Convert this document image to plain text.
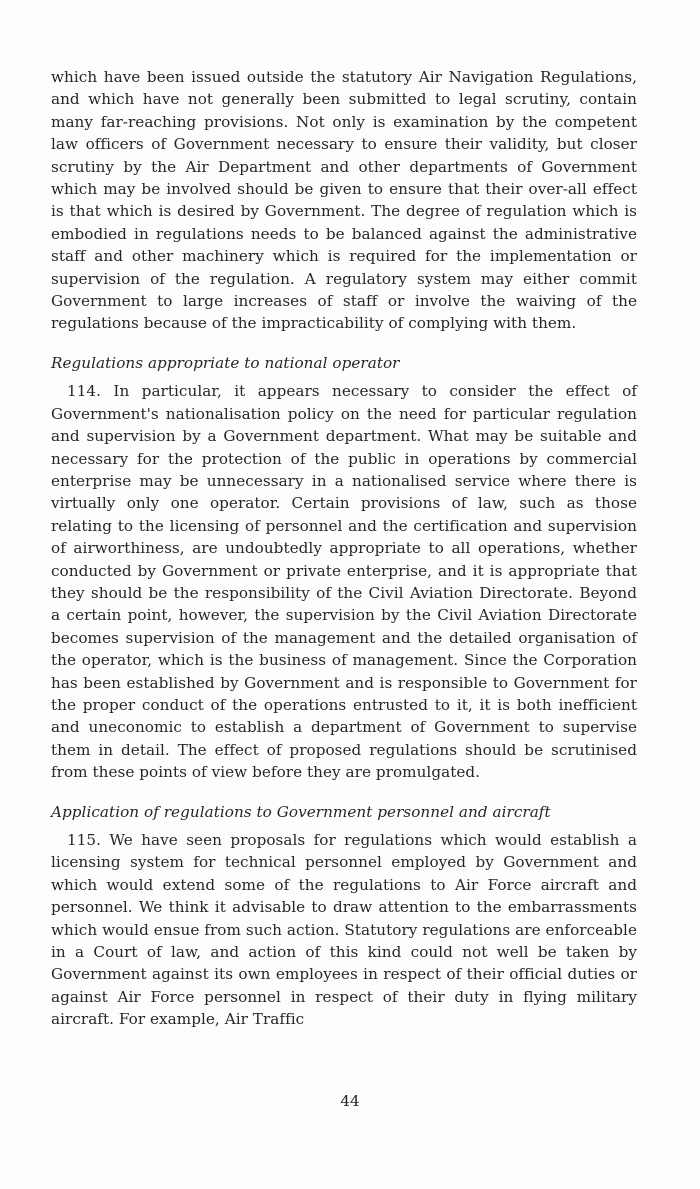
which have been issued outside the statutory Air Navigation Regulations, and which have not generally been submitted to legal scrutiny, contain many far-reaching provisions. Not only is examination by the competent law officers of Government necessary to ensure their validity, but closer scrutiny by the Air Department and other departments of Government which may be involved should be given to ensure that their over-all effect is that which is desired by Government. The degree of regulation which is embodied in regulations needs to be balanced against the administrative staff and other machinery which is required for the implementation or supervision of the regulation. A regulatory system may either commit Government to large increases of staff or involve the waiving of the regulations because of the impracticability of complying with them.

Regulations appropriate to national operator

114. In particular, it appears necessary to consider the effect of Government's nationalisation policy on the need for particular regulation and supervision by a Government department. What may be suitable and necessary for the protection of the public in operations by commercial enterprise may be unnecessary in a nationalised service where there is virtually only one operator. Certain provisions of law, such as those relating to the licensing of personnel and the certification and supervision of airworthiness, are undoubtedly appropriate to all operations, whether conducted by Government or private enterprise, and it is appropriate that they should be the responsibility of the Civil Aviation Directorate. Beyond a certain point, however, the supervision by the Civil Aviation Directorate becomes supervision of the management and the detailed organisation of the operator, which is the business of management. Since the Corporation has been established by Government and is responsible to Government for the proper conduct of the operations entrusted to it, it is both inefficient and uneconomic to establish a department of Government to supervise them in detail. The effect of proposed regulations should be scrutinised from these points of view before they are promulgated.

Application of regulations to Government personnel and aircraft

115. We have seen proposals for regulations which would establish a licensing system for technical personnel employed by Government and which would extend some of the regulations to Air Force aircraft and personnel. We think it advisable to draw attention to the embarrassments which would ensue from such action. Statutory regulations are enforceable in a Court of law, and action of this kind could not well be taken by Government against its own employees in respect of their official duties or against Air Force personnel in respect of their duty in flying military aircraft. For example, Air Traffic

44
